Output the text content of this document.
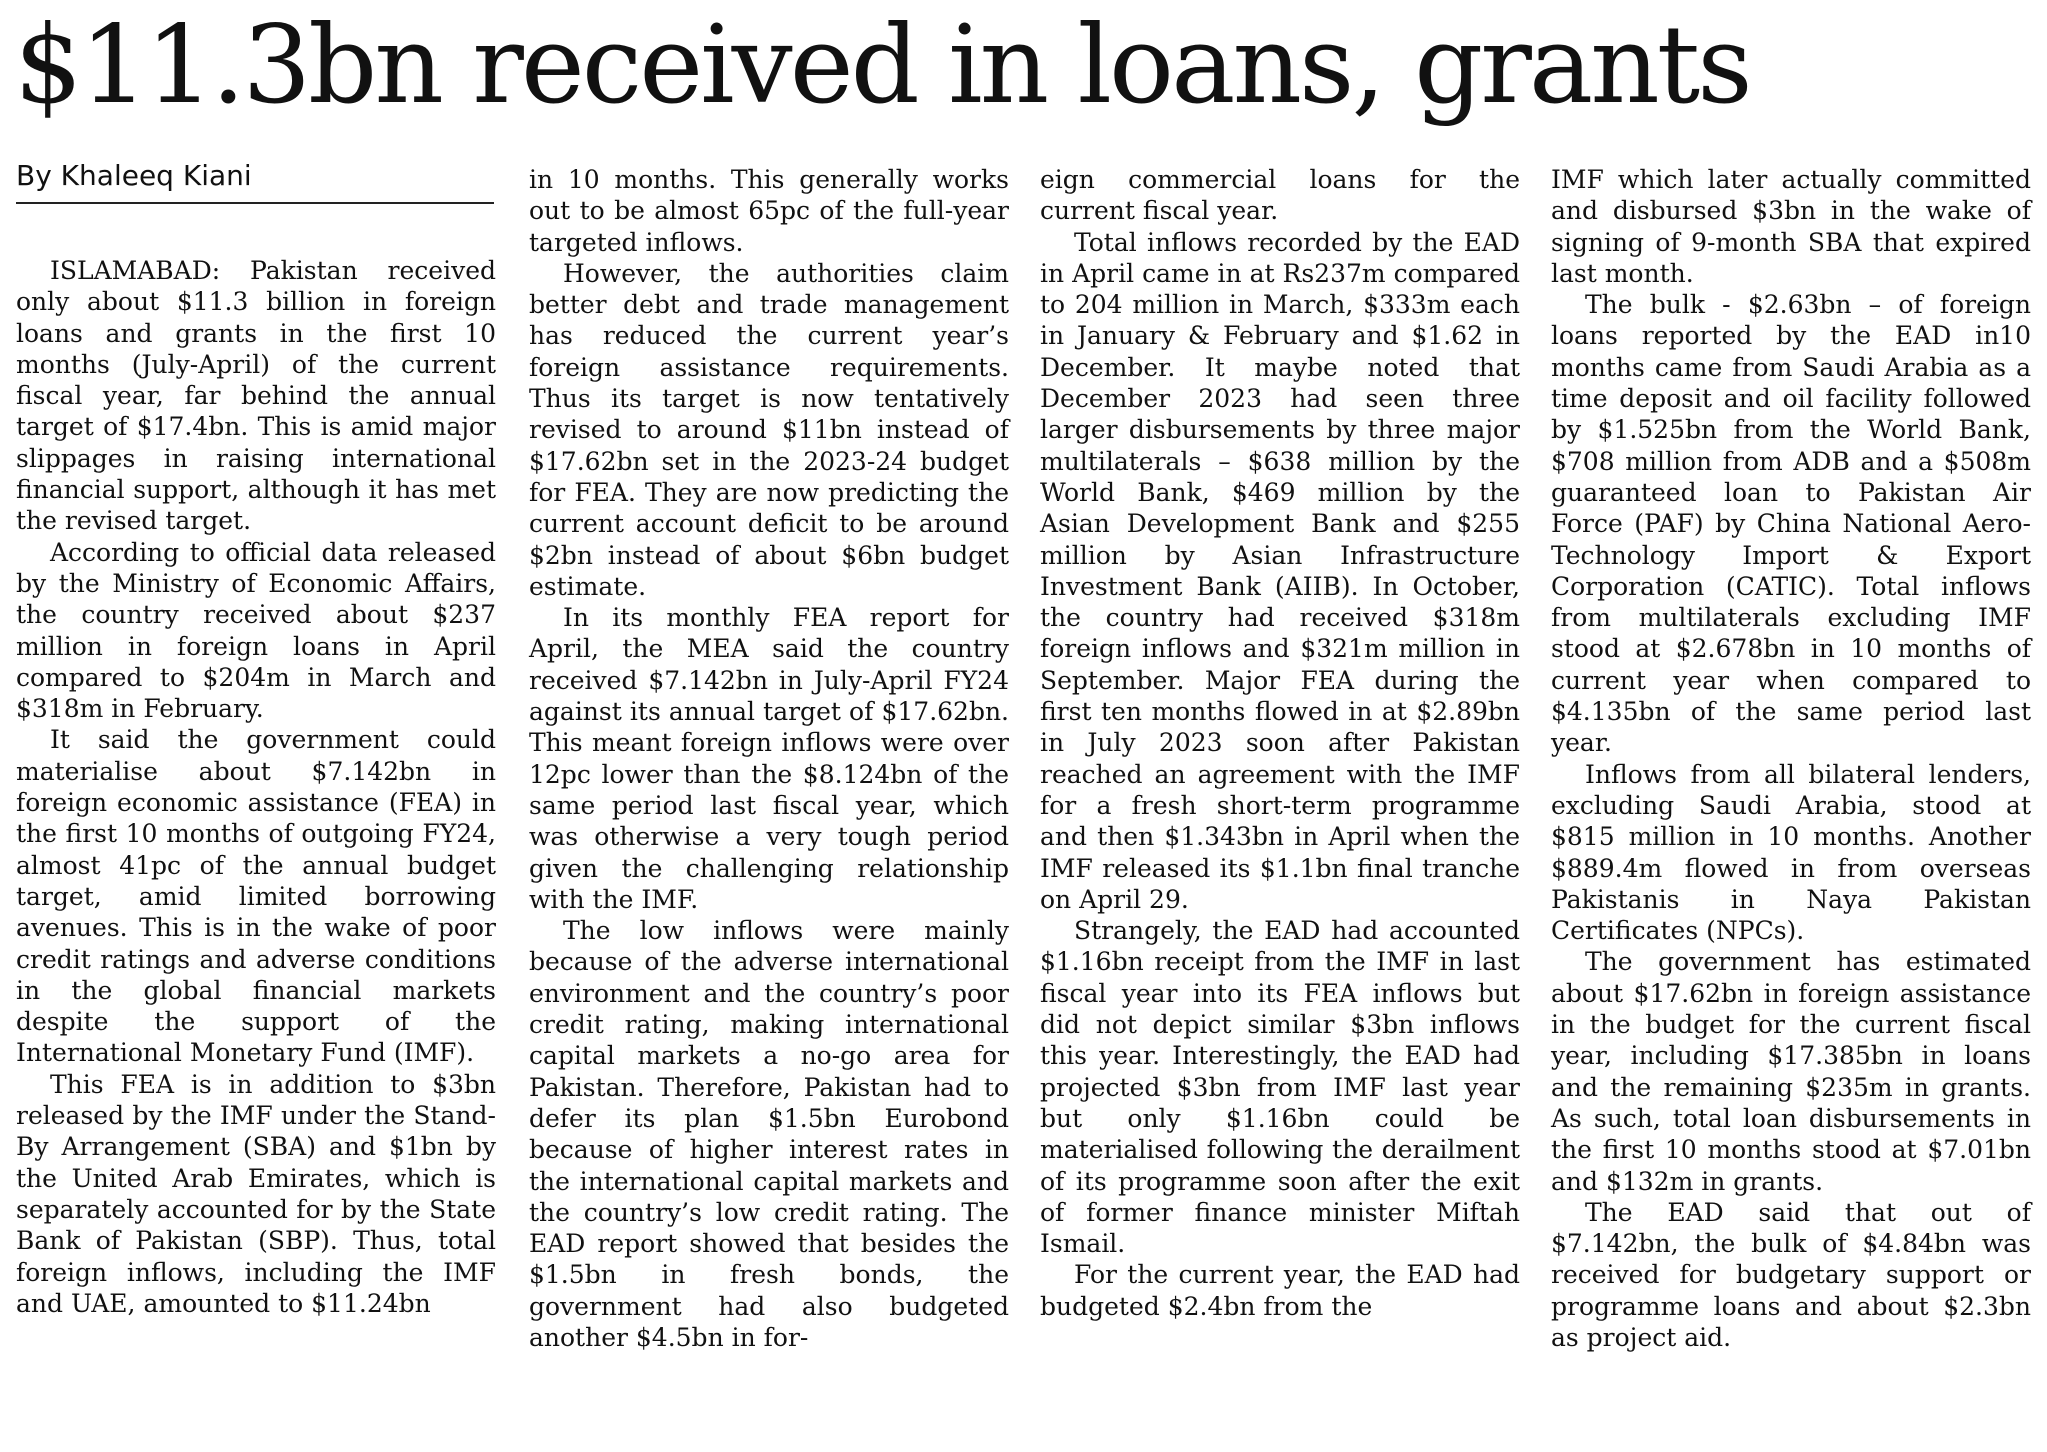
$11.3bn received in loans, grants
By Khaleeq Kiani

ISLAMABAD: Pakistan received only about $11.3 billion in foreign loans and grants in the first 10 months (July-April) of the current fiscal year, far behind the annual target of $17.4bn. This is amid major slippages in raising international financial support, although it has met the revised target.

According to official data released by the Ministry of Economic Affairs, the country received about $237 million in foreign loans in April compared to $204m in March and $318m in February.

It said the government could materialise about $7.142bn in foreign economic assistance (FEA) in the first 10 months of outgoing FY24, almost 41pc of the annual budget target, amid limited borrowing avenues. This is in the wake of poor credit ratings and adverse conditions in the global financial markets despite the support of the International Monetary Fund (IMF).

This FEA is in addition to $3bn released by the IMF under the Stand-By Arrangement (SBA) and $1bn by the United Arab Emirates, which is separately accounted for by the State Bank of Pakistan (SBP). Thus, total foreign inflows, including the IMF and UAE, amounted to $11.24bn

in 10 months. This generally works out to be almost 65pc of the full-year targeted inflows.

However, the authorities claim better debt and trade management has reduced the current year’s foreign assistance requirements. Thus its target is now tentatively revised to around $11bn instead of $17.62bn set in the 2023-24 budget for FEA. They are now predicting the current account deficit to be around $2bn instead of about $6bn budget estimate.

In its monthly FEA report for April, the MEA said the country received $7.142bn in July-April FY24 against its annual target of $17.62bn. This meant foreign inflows were over 12pc lower than the $8.124bn of the same period last fiscal year, which was otherwise a very tough period given the challenging relationship with the IMF.

The low inflows were mainly because of the adverse international environment and the country’s poor credit rating, making international capital markets a no-go area for Pakistan. Therefore, Pakistan had to defer its plan $1.5bn Eurobond because of higher interest rates in the international capital markets and the country’s low credit rating. The EAD report showed that besides the $1.5bn in fresh bonds, the government had also budgeted another $4.5bn in for-

eign commercial loans for the current fiscal year.

Total inflows recorded by the EAD in April came in at Rs237m compared to 204 million in March, $333m each in January & February and $1.62 in December. It maybe noted that December 2023 had seen three larger disbursements by three major multilaterals – $638 million by the World Bank, $469 million by the Asian Development Bank and $255 million by Asian Infrastructure Investment Bank (AIIB). In October, the country had received $318m foreign inflows and $321m million in September. Major FEA during the first ten months flowed in at $2.89bn in July 2023 soon after Pakistan reached an agreement with the IMF for a fresh short-term programme and then $1.343bn in April when the IMF released its $1.1bn final tranche on April 29.

Strangely, the EAD had accounted $1.16bn receipt from the IMF in last fiscal year into its FEA inflows but did not depict similar $3bn inflows this year. Interestingly, the EAD had projected $3bn from IMF last year but only $1.16bn could be materialised following the derailment of its programme soon after the exit of former finance minister Miftah Ismail.

For the current year, the EAD had budgeted $2.4bn from the

IMF which later actually committed and disbursed $3bn in the wake of signing of 9-month SBA that expired last month.

The bulk - $2.63bn – of foreign loans reported by the EAD in10 months came from Saudi Arabia as a time deposit and oil facility followed by $1.525bn from the World Bank, $708 million from ADB and a $508m guaranteed loan to Pakistan Air Force (PAF) by China National Aero-Technology Import & Export Corporation (CATIC). Total inflows from multilaterals excluding IMF stood at $2.678bn in 10 months of current year when compared to $4.135bn of the same period last year.

Inflows from all bilateral lenders, excluding Saudi Arabia, stood at $815 million in 10 months. Another $889.4m flowed in from overseas Pakistanis in Naya Pakistan Certificates (NPCs).

The government has estimated about $17.62bn in foreign assistance in the budget for the current fiscal year, including $17.385bn in loans and the remaining $235m in grants. As such, total loan disbursements in the first 10 months stood at $7.01bn and $132m in grants.

The EAD said that out of $7.142bn, the bulk of $4.84bn was received for budgetary support or programme loans and about $2.3bn as project aid.
